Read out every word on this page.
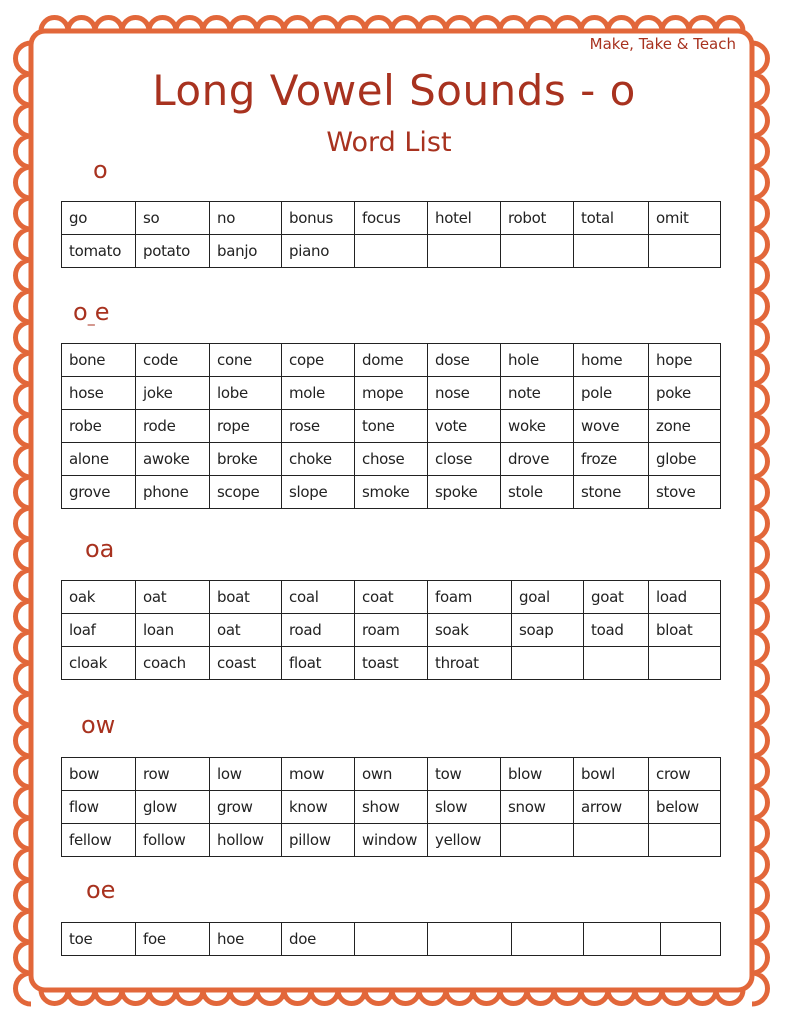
Make, Take & Teach
Long Vowel Sounds - o
Word List
o
go	so	no	bonus	focus	hotel	robot	total	omit
tomato	potato	banjo	piano					
o_e
bone	code	cone	cope	dome	dose	hole	home	hope
hose	joke	lobe	mole	mope	nose	note	pole	poke
robe	rode	rope	rose	tone	vote	woke	wove	zone
alone	awoke	broke	choke	chose	close	drove	froze	globe
grove	phone	scope	slope	smoke	spoke	stole	stone	stove
oa
oak	oat	boat	coal	coat	foam	goal	goat	load
loaf	loan	oat	road	roam	soak	soap	toad	bloat
cloak	coach	coast	float	toast	throat			
ow
bow	row	low	mow	own	tow	blow	bowl	crow
flow	glow	grow	know	show	slow	snow	arrow	below
fellow	follow	hollow	pillow	window	yellow			
oe
toe	foe	hoe	doe					
